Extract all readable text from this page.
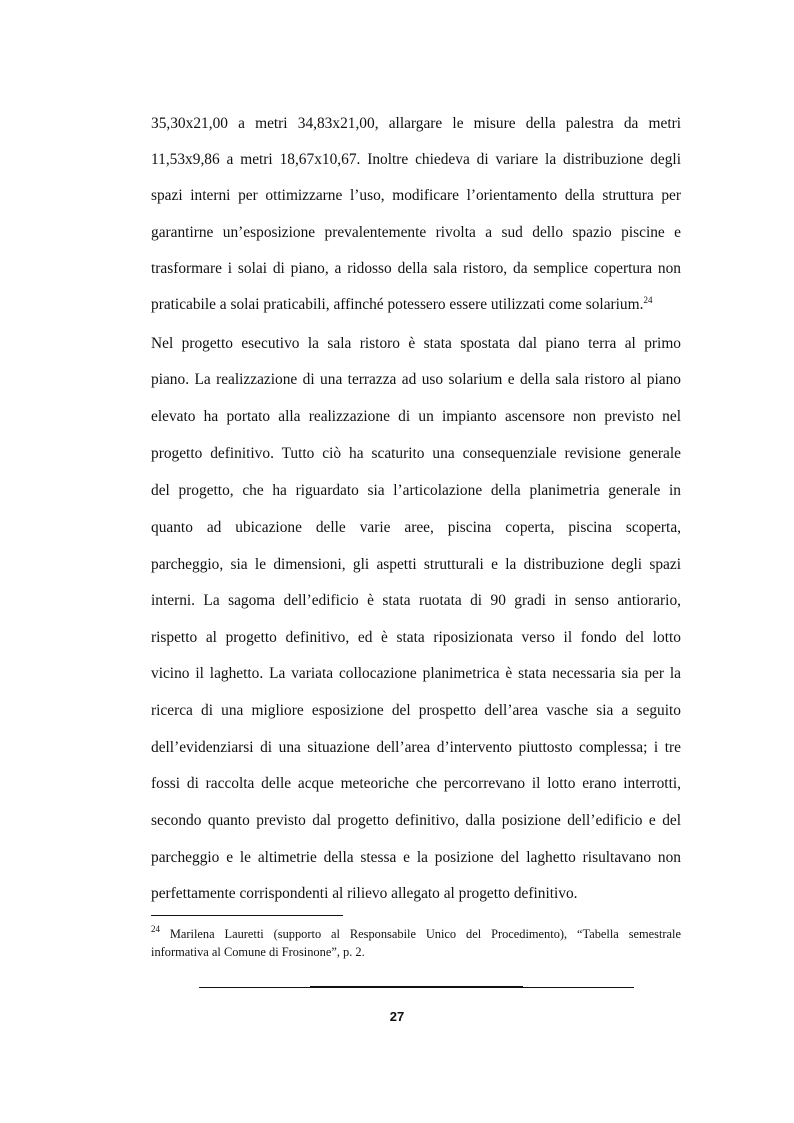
35,30x21,00 a metri 34,83x21,00, allargare le misure della palestra da metri
11,53x9,86 a metri 18,67x10,67. Inoltre chiedeva di variare la distribuzione degli
spazi interni per ottimizzarne l’uso, modificare l’orientamento della struttura per
garantirne un’esposizione prevalentemente rivolta a sud dello spazio piscine e
trasformare i solai di piano, a ridosso della sala ristoro, da semplice copertura non
praticabile a solai praticabili, affinché potessero essere utilizzati come solarium.$^{24}$
Nel progetto esecutivo la sala ristoro è stata spostata dal piano terra al primo
piano. La realizzazione di una terrazza ad uso solarium e della sala ristoro al piano
elevato ha portato alla realizzazione di un impianto ascensore non previsto nel
progetto definitivo. Tutto ciò ha scaturito una consequenziale revisione generale
del progetto, che ha riguardato sia l’articolazione della planimetria generale in
quanto ad ubicazione delle varie aree, piscina coperta, piscina scoperta,
parcheggio, sia le dimensioni, gli aspetti strutturali e la distribuzione degli spazi
interni. La sagoma dell’edificio è stata ruotata di 90 gradi in senso antiorario,
rispetto al progetto definitivo, ed è stata riposizionata verso il fondo del lotto
vicino il laghetto. La variata collocazione planimetrica è stata necessaria sia per la
ricerca di una migliore esposizione del prospetto dell’area vasche sia a seguito
dell’evidenziarsi di una situazione dell’area d’intervento piuttosto complessa; i tre
fossi di raccolta delle acque meteoriche che percorrevano il lotto erano interrotti,
secondo quanto previsto dal progetto definitivo, dalla posizione dell’edificio e del
parcheggio e le altimetrie della stessa e la posizione del laghetto risultavano non
perfettamente corrispondenti al rilievo allegato al progetto definitivo.
$^{24}$ Marilena Lauretti (supporto al Responsabile Unico del Procedimento), “Tabella semestrale
informativa al Comune di Frosinone”, p. 2.
27
